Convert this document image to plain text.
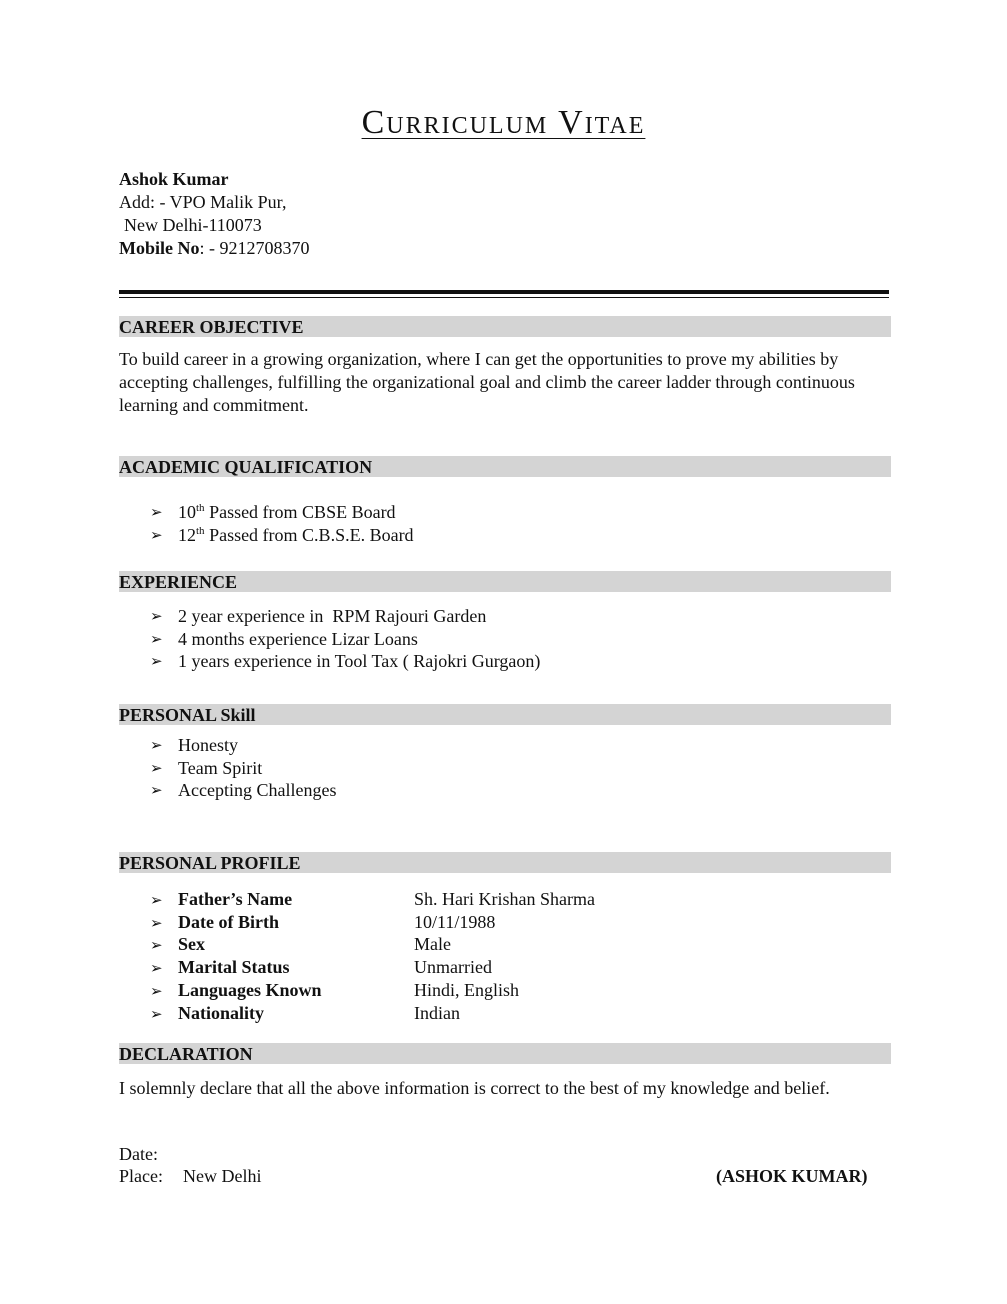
Curriculum Vitae
Ashok Kumar
Add: - VPO Malik Pur,
New Delhi-110073
Mobile No: - 9212708370
CAREER OBJECTIVE
To build career in a growing organization, where I can get the opportunities to prove my abilities by accepting challenges, fulfilling the organizational goal and climb the career ladder through continuous learning and commitment.
ACADEMIC QUALIFICATION
➢ 10th Passed from CBSE Board
➢ 12th Passed from C.B.S.E. Board
EXPERIENCE
➢ 2 year experience in  RPM Rajouri Garden
➢ 4 months experience Lizar Loans
➢ 1 years experience in Tool Tax ( Rajokri Gurgaon)
PERSONAL Skill
➢ Honesty
➢ Team Spirit
➢ Accepting Challenges
PERSONAL PROFILE
➢ Father’s Name	Sh. Hari Krishan Sharma
➢ Date of Birth	10/11/1988
➢ Sex	Male
➢ Marital Status	Unmarried
➢ Languages Known	Hindi, English
➢ Nationality	Indian
DECLARATION
I solemnly declare that all the above information is correct to the best of my knowledge and belief.
Date:
Place: New Delhi	(ASHOK KUMAR)
